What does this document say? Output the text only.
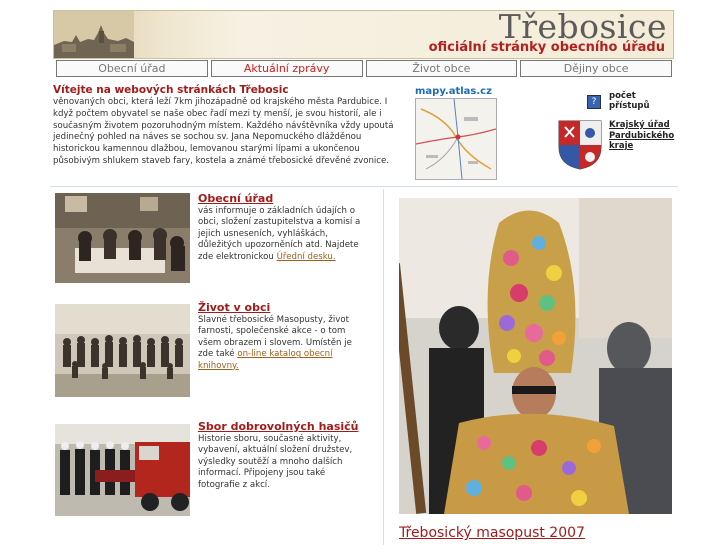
Třebosice
oficiální stránky obecního úřadu
Obecní úřad	Aktuální zprávy	Život obce	Dějiny obce
Vítejte na webových stránkách Třebosic
věnovaných obci, která leží 7km jihozápadně od krajského města Pardubice. I když počtem obyvatel se naše obec řadí mezi ty menší, je svou historií, ale i současným životem pozoruhodným místem. Každého návštěvníka vždy upoutá jedinečný pohled na náves se sochou sv. Jana Nepomuckého dlážděnou historickou kamennou dlažbou, lemovanou starými lípami a ukončenou působivým shlukem staveb fary, kostela a známé třebosické dřevěné zvonice.
mapy.atlas.cz
?
počet přístupů
Krajský úřad Pardubického kraje
Obecní úřad
vás informuje o základních údajích o obci, složení zastupitelstva a komisí a jejich usneseních, vyhláškách, důležitých upozorněních atd. Najdete zde elektronickou Úřední desku.
Život v obci
Slavné třebosické Masopusty, život farnosti, společenské akce - o tom všem obrazem i slovem. Umístěn je zde také on-line katalog obecní knihovny.
Sbor dobrovolných hasičů
Historie sboru, současné aktivity, vybavení, aktuální složení družstev, výsledky soutěží a mnoho dalších informací. Připojeny jsou také fotografie z akcí.
Třebosický masopust 2007
